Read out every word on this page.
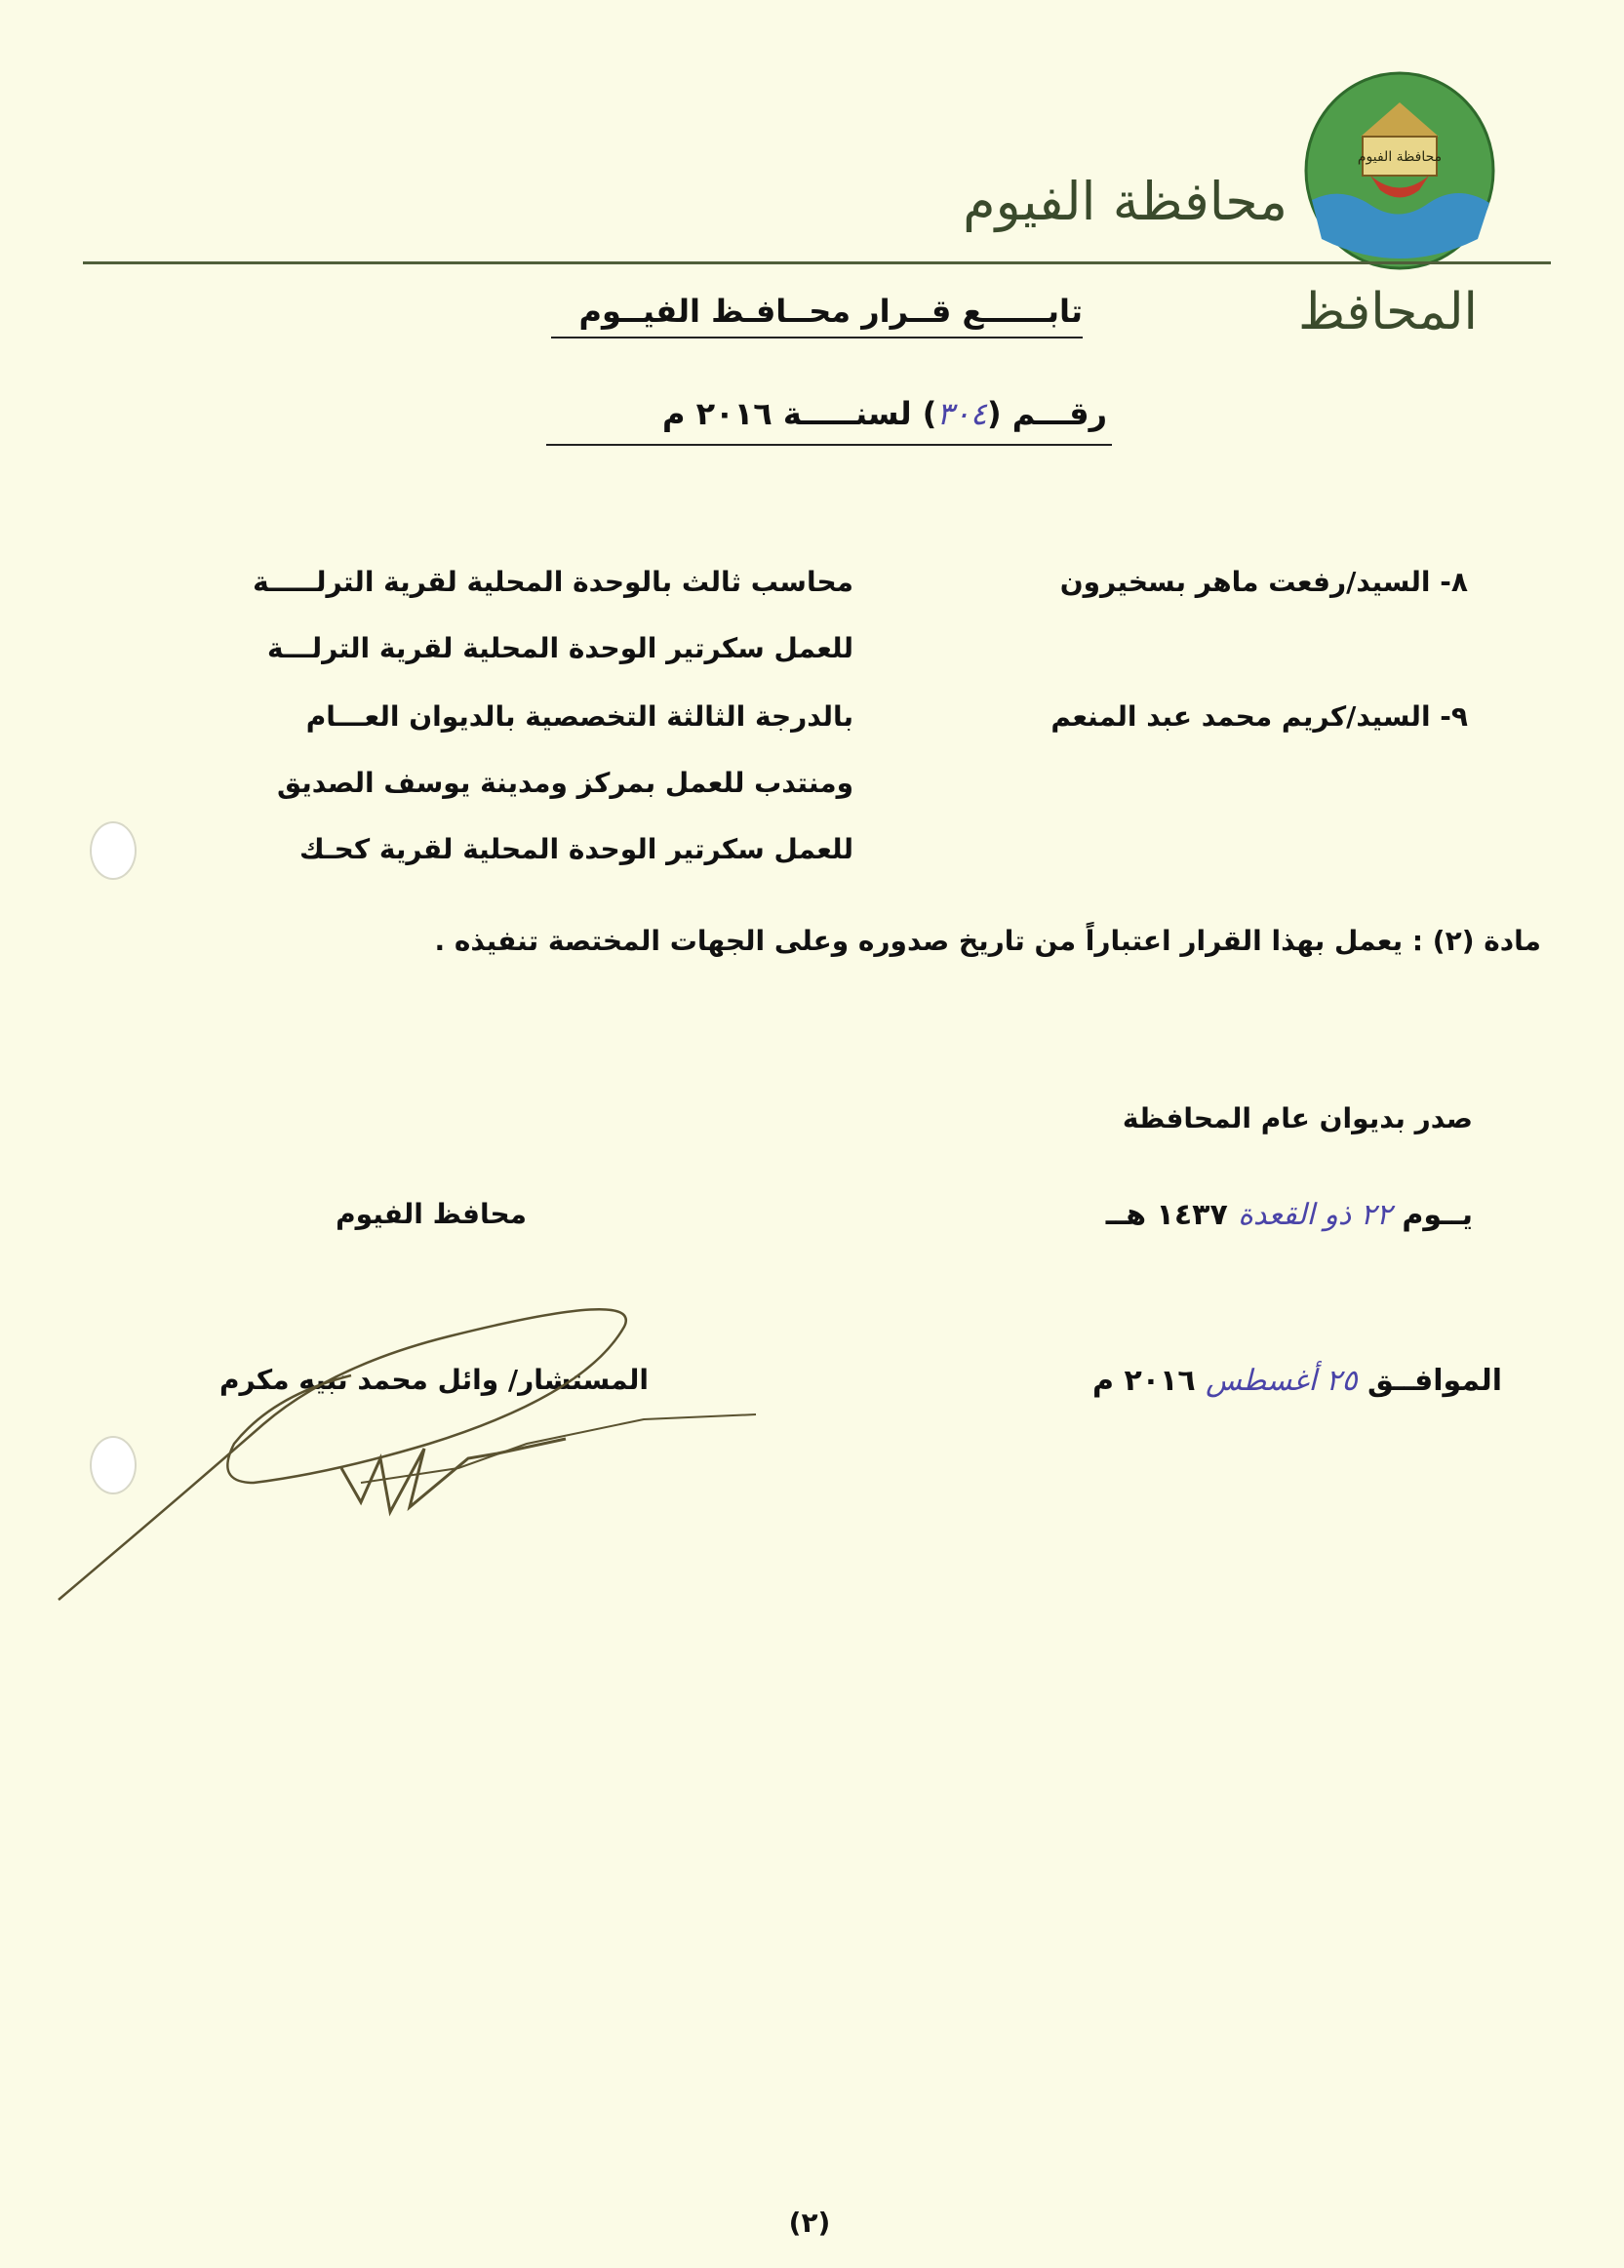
محافظة الفيوم
محافظة الفيوم
المحافظ
تابــــــع قــرار محــافـظ الفيــوم
رقـــم (٣٠٤) لسنـــــة ٢٠١٦ م
٨- السيد/رفعت ماهر بسخيرون
محاسب ثالث بالوحدة المحلية لقرية الترلـــــة
للعمل سكرتير الوحدة المحلية لقرية الترلـــة
٩- السيد/كريم محمد عبد المنعم
بالدرجة الثالثة التخصصية بالديوان العـــام
ومنتدب للعمل بمركز ومدينة يوسف الصديق
للعمل سكرتير الوحدة المحلية لقرية كحـك
مادة (٢) : يعمل بهذا القرار اعتباراً من تاريخ صدوره وعلى الجهات المختصة تنفيذه .
صدر بديوان عام المحافظة
يــوم ٢٢ ذو القعدة ١٤٣٧ هــ
الموافــق ٢٥ أغسطس ٢٠١٦ م
محافظ الفيوم
المستشار/ وائل محمد نبيه مكرم
(٢)
